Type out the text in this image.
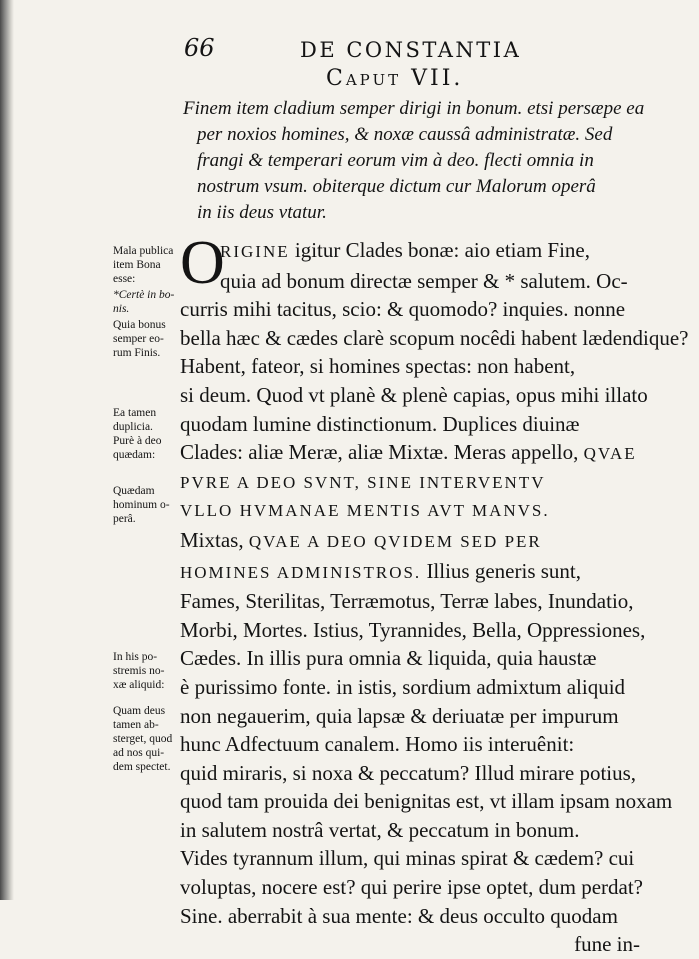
66	DE CONSTANTIA
Caput VII.
Finem item cladium semper dirigi in bonum. etsi persæpe ea
per noxios homines, & noxæ caussâ administratæ. Sed
frangi & temperari eorum vim à deo. flecti omnia in
nostrum vsum. obiterque dictum cur Malorum operâ
in iis deus vtatur.
O
RIGINE igitur Clades bonæ: aio etiam Fine,
quia ad bonum directæ semper & * salutem. Oc-
curris mihi tacitus, scio: & quomodo? inquies. nonne
bella hæc & cædes clarè scopum nocêdi habent lædendique?
Habent, fateor, si homines spectas: non habent,
si deum. Quod vt planè & plenè capias, opus mihi illato
quodam lumine distinctionum. Duplices diuinæ
Clades: aliæ Meræ, aliæ Mixtæ. Meras appello, QVAE
PVRE A DEO SVNT, SINE INTERVENTV
VLLO HVMANAE MENTIS AVT MANVS.
Mixtas, QVAE A DEO QVIDEM SED PER
HOMINES ADMINISTROS. Illius generis sunt,
Fames, Sterilitas, Terræmotus, Terræ labes, Inundatio,
Morbi, Mortes. Istius, Tyrannides, Bella, Oppressiones,
Cædes. In illis pura omnia & liquida, quia haustæ
è purissimo fonte. in istis, sordium admixtum aliquid
non negauerim, quia lapsæ & deriuatæ per impurum
hunc Adfectuum canalem. Homo iis interuênit:
quid miraris, si noxa & peccatum? Illud mirare potius,
quod tam prouida dei benignitas est, vt illam ipsam noxam
in salutem nostrâ vertat, & peccatum in bonum.
Vides tyrannum illum, qui minas spirat & cædem? cui
voluptas, nocere est? qui perire ipse optet, dum perdat?
Sine. aberrabit à sua mente: & deus occulto quodam
fune in-
Mala publica
item Bona
esse:
*Certè in bo-
nis.
Quia bonus
semper eo-
rum Finis.
Ea tamen
duplicia.
Purè à deo
quædam:
Quædam
hominum o-
perâ.
In his po-
stremis no-
xæ aliquid:
Quam deus
tamen ab-
sterget, quod
ad nos qui-
dem spectet.
